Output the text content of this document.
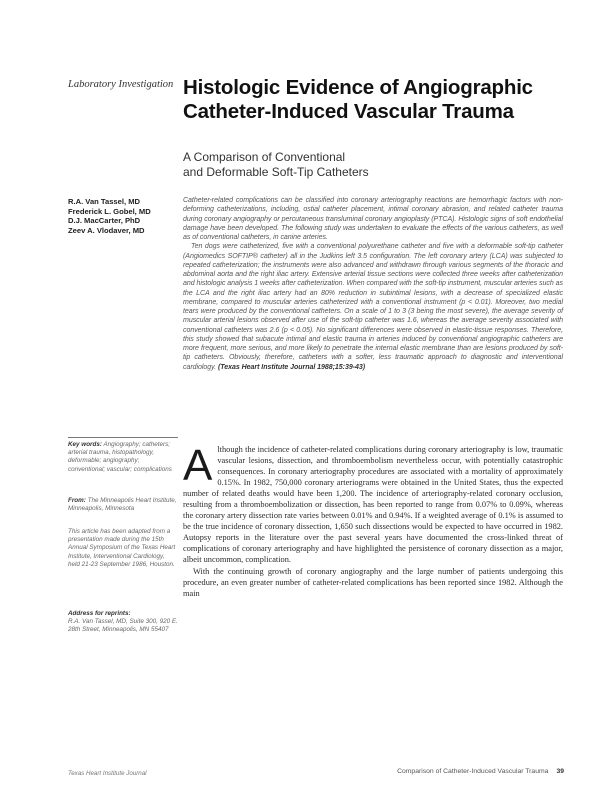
Laboratory Investigation Histologic Evidence of Angiographic Catheter-Induced Vascular Trauma
A Comparison of Conventional
and Deformable Soft-Tip Catheters
R.A. Van Tassel, MD
Frederick L. Gobel, MD
D.J. MacCarter, PhD
Zeev A. Vlodaver, MD

Catheter-related complications can be classified into coronary arteriography reactions are hemorrhagic factors with non-deforming catheterizations, including, ostial catheter placement, intimal coronary abrasion, and related catheter trauma during coronary angiography or percutaneous transluminal coronary angioplasty (PTCA). Histologic signs of soft endothelial damage have been developed. The following study was undertaken to evaluate the effects of the various catheters, as well as of conventional catheters, in canine arteries.

Ten dogs were catheterized, five with a conventional polyurethane catheter and five with a deformable soft-tip catheter (Angiomedics SOFTIP® catheter) all in the Judkins left 3.5 configuration. The left coronary artery (LCA) was subjected to repeated catheterization; the instruments were also advanced and withdrawn through various segments of the thoracic and abdominal aorta and the right iliac artery. Extensive arterial tissue sections were collected three weeks after catheterization and histologic analysis 1 weeks after catheterization. When compared with the soft-tip instrument, muscular arteries such as the LCA and the right iliac artery had an 80% reduction in subintimal lesions, with a decrease of specialized elastic membrane, compared to muscular arteries catheterized with a conventional instrument (p < 0.01). Moreover, two medial tears were produced by the conventional catheters. On a scale of 1 to 3 (3 being the most severe), the average severity of muscular arterial lesions observed after use of the soft-tip catheter was 1.6, whereas the average severity associated with conventional catheters was 2.6 (p < 0.05). No significant differences were observed in elastic-tissue responses. Therefore, this study showed that subacute intimal and elastic trauma in arteries induced by conventional angiographic catheters are more frequent, more serious, and more likely to penetrate the internal elastic membrane than are lesions produced by soft-tip catheters. Obviously, therefore, catheters with a softer, less traumatic approach to diagnostic and interventional cardiology. (Texas Heart Institute Journal 1988;15:39-43)

Key words: Angiography; catheters; arterial trauma, histopathology, deformable; angiography; conventional; vascular; complications
From: The Minneapolis Heart Institute, Minneapolis, Minnesota
This article has been adapted from a presentation made during the 15th Annual Symposium of the Texas Heart Institute, Interventional Cardiology, held 21-23 September 1986, Houston.
Address for reprints:
R.A. Van Tassel, MD, Suite 300, 920 E. 28th Street, Minneapolis, MN 55407

Although the incidence of catheter-related complications during coronary arteriography is low, traumatic vascular lesions, dissection, and thromboembolism nevertheless occur, with potentially catastrophic consequences. In coronary arteriography procedures are associated with a mortality of approximately 0.15%. In 1982, 750,000 coronary arteriograms were obtained in the United States, thus the expected number of related deaths would have been 1,200. The incidence of arteriography-related coronary occlusion, resulting from a thromboembolization or dissection, has been reported to range from 0.07% to 0.09%, whereas the coronary artery dissection rate varies between 0.01% and 0.94%. If a weighted average of 0.1% is assumed to be the true incidence of coronary dissection, 1,650 such dissections would be expected to have occurred in 1982. Autopsy reports in the literature over the past several years have documented the cross-linked threat of complications of coronary arteriography and have highlighted the persistence of coronary dissection as a major, albeit uncommon, complication.

With the continuing growth of coronary angiography and the large number of patients undergoing this procedure, an even greater number of catheter-related complications has been reported since 1982. Although the main

Texas Heart Institute Journal	Comparison of Catheter-Induced Vascular Trauma 39
